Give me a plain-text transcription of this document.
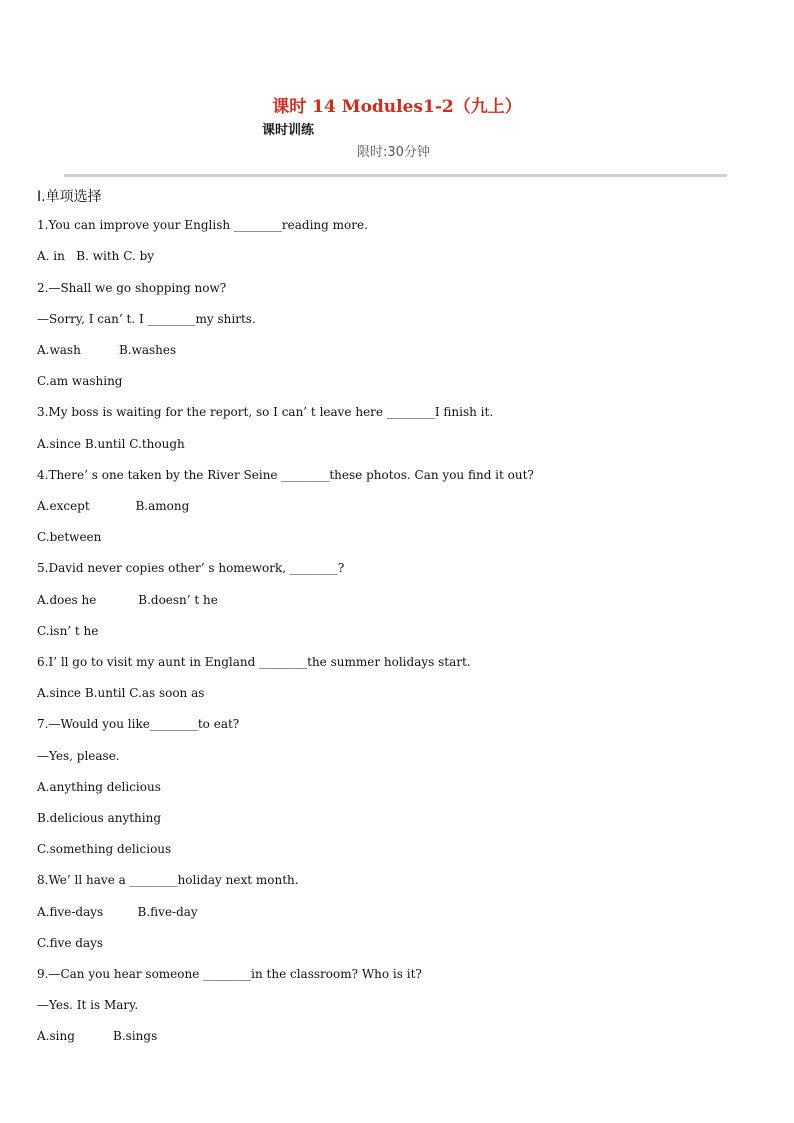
课时 14 Modules1-2（九上）
课时训练
限时:30分钟
Ⅰ.单项选择
1.You can improve your English ________reading more.
A. in   B. with C. by
2.—Shall we go shopping now?
—Sorry, I can’ t. I ________my shirts.
A.wash          B.washes
C.am washing
3.My boss is waiting for the report, so I can’ t leave here ________I finish it.
A.since B.until C.though
4.There’ s one taken by the River Seine ________these photos. Can you find it out?
A.except            B.among
C.between
5.David never copies other’ s homework, ________?
A.does he           B.doesn’ t he
C.isn’ t he
6.I’ ll go to visit my aunt in England ________the summer holidays start.
A.since B.until C.as soon as
7.—Would you like________to eat?
—Yes, please.
A.anything delicious
B.delicious anything
C.something delicious
8.We’ ll have a ________holiday next month.
A.five-days         B.five-day
C.five days
9.—Can you hear someone ________in the classroom? Who is it?
—Yes. It is Mary.
A.sing          B.sings
